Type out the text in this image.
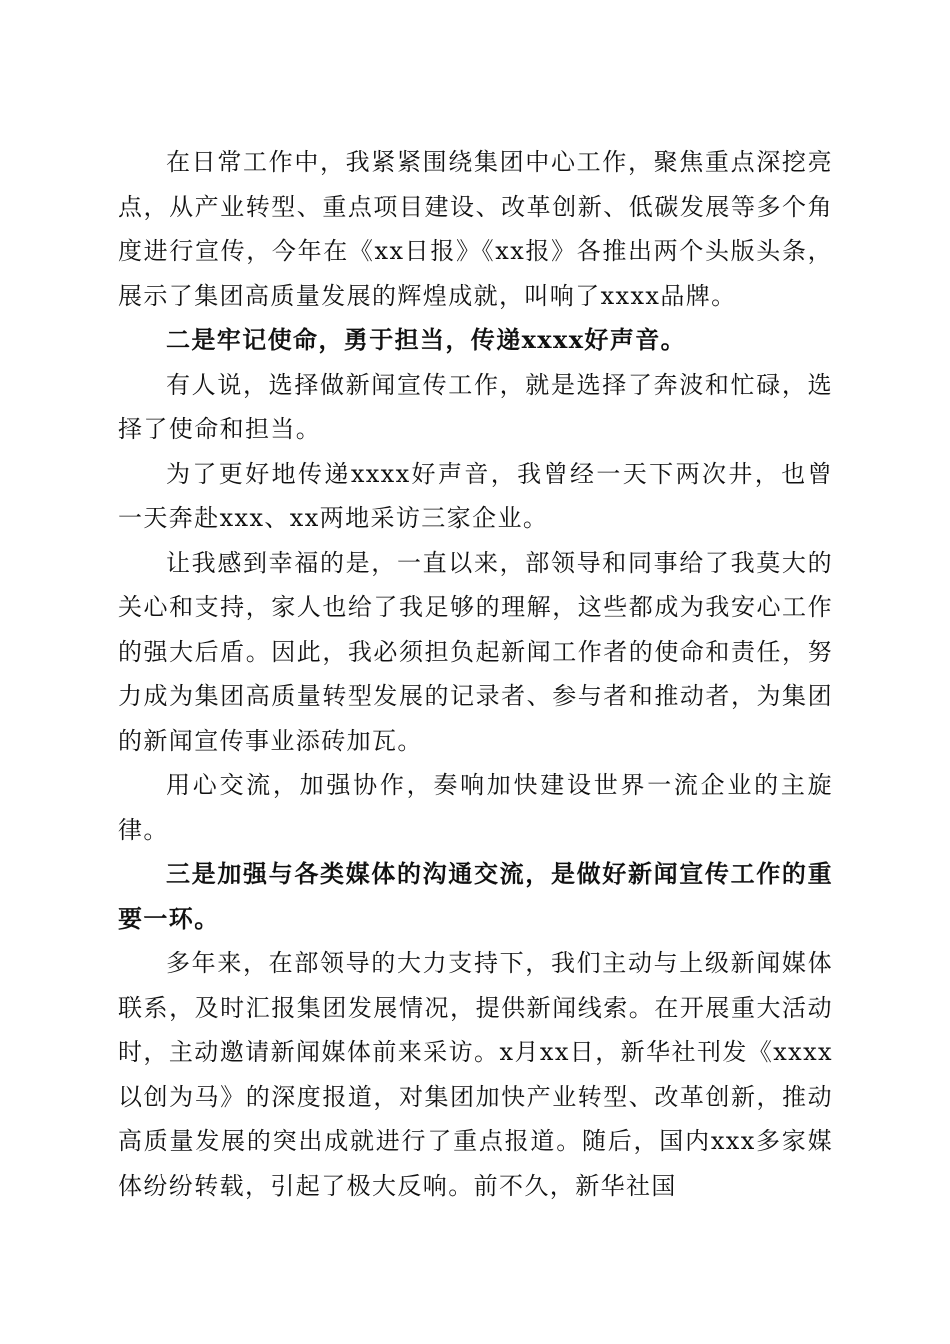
在日常工作中，我紧紧围绕集团中心工作，聚焦重点深挖亮点，从产业转型、重点项目建设、改革创新、低碳发展等多个角度进行宣传，今年在《xx日报》《xx报》各推出两个头版头条，展示了集团高质量发展的辉煌成就，叫响了xxxx品牌。

二是牢记使命，勇于担当，传递xxxx好声音。

有人说，选择做新闻宣传工作，就是选择了奔波和忙碌，选择了使命和担当。

为了更好地传递xxxx好声音，我曾经一天下两次井，也曾一天奔赴xxx、xx两地采访三家企业。

让我感到幸福的是，一直以来，部领导和同事给了我莫大的关心和支持，家人也给了我足够的理解，这些都成为我安心工作的强大后盾。因此，我必须担负起新闻工作者的使命和责任，努力成为集团高质量转型发展的记录者、参与者和推动者，为集团的新闻宣传事业添砖加瓦。

用心交流，加强协作，奏响加快建设世界一流企业的主旋律。

三是加强与各类媒体的沟通交流，是做好新闻宣传工作的重要一环。

多年来，在部领导的大力支持下，我们主动与上级新闻媒体联系，及时汇报集团发展情况，提供新闻线索。在开展重大活动时，主动邀请新闻媒体前来采访。x月xx日，新华社刊发《xxxx以创为马》的深度报道，对集团加快产业转型、改革创新，推动高质量发展的突出成就进行了重点报道。随后，国内xxx多家媒体纷纷转载，引起了极大反响。前不久，新华社国
